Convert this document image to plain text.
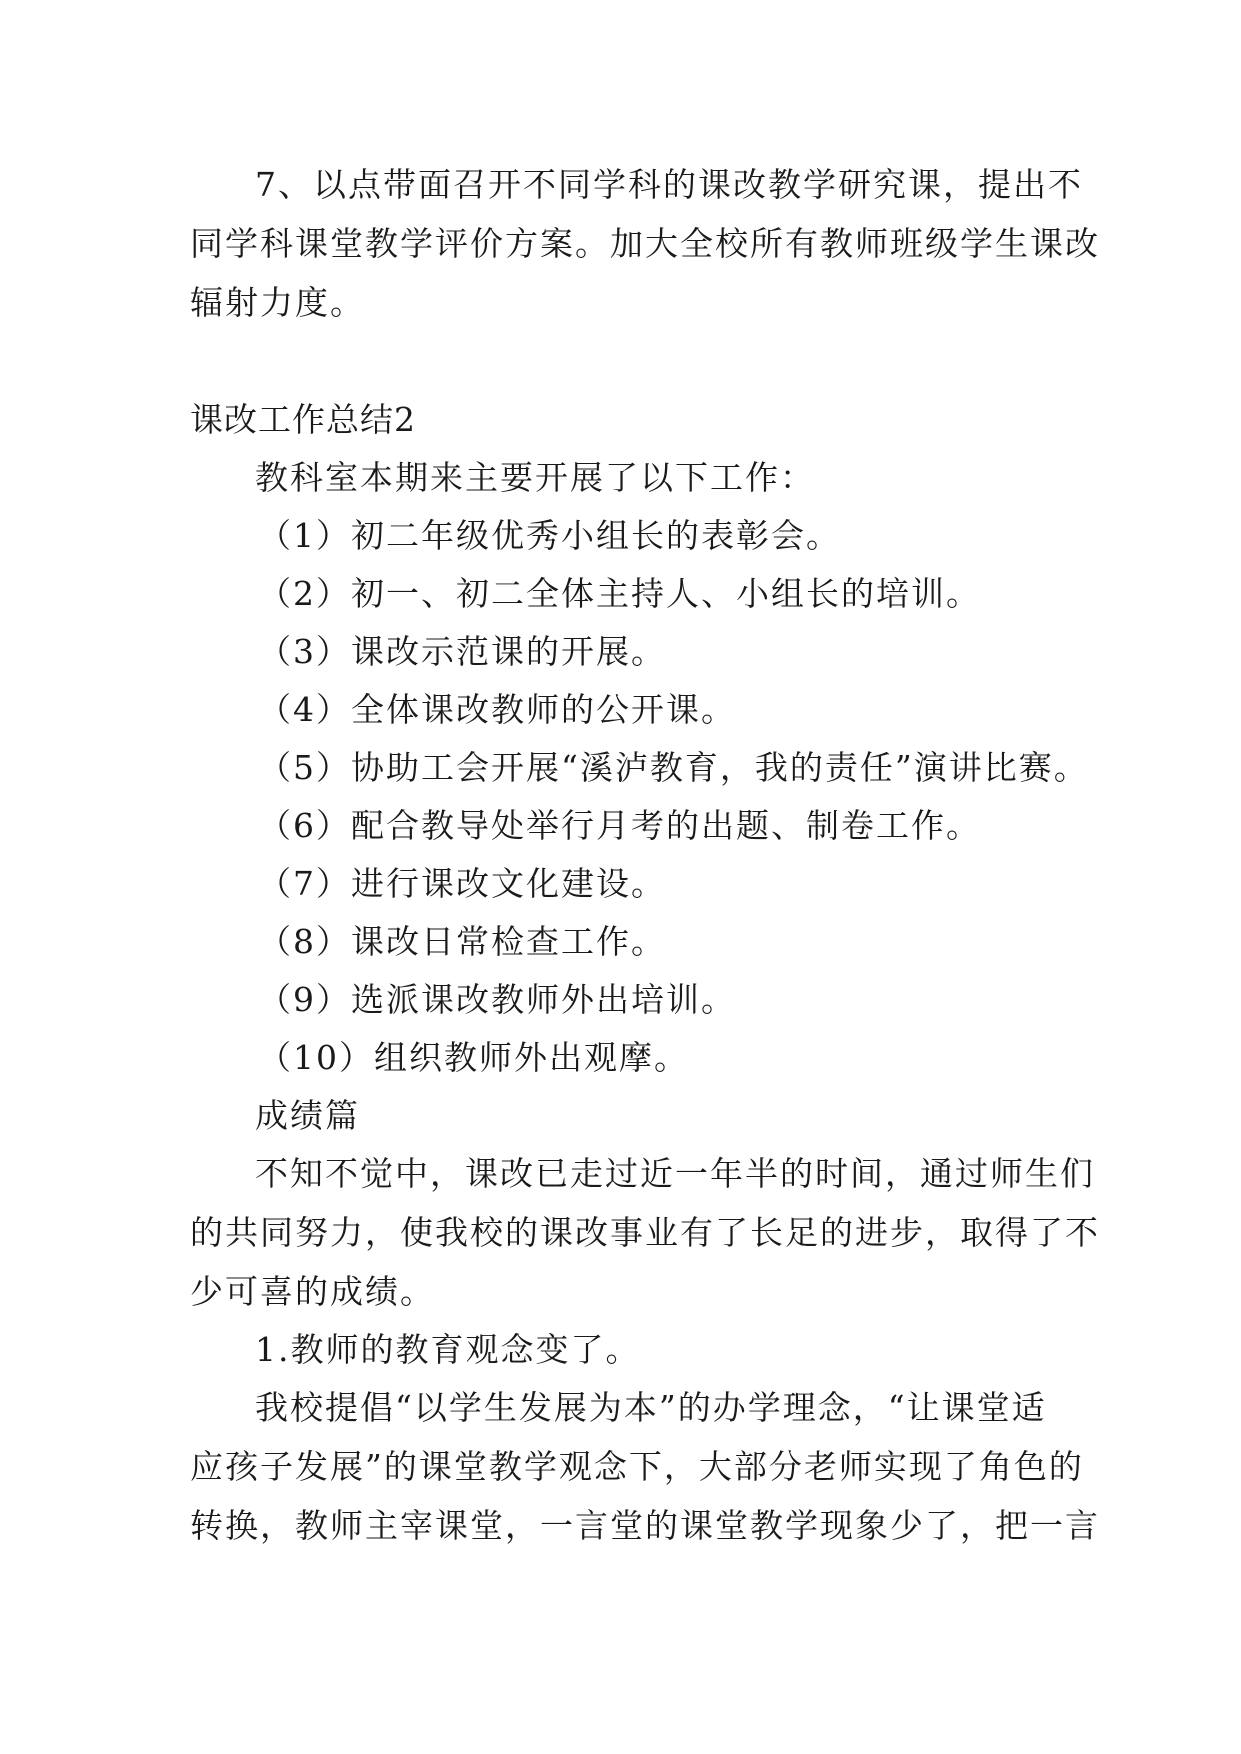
7、以点带面召开不同学科的课改教学研究课，提出不
同学科课堂教学评价方案。加大全校所有教师班级学生课改
辐射力度。
课改工作总结2
教科室本期来主要开展了以下工作：
（1）初二年级优秀小组长的表彰会。
（2）初一、初二全体主持人、小组长的培训。
（3）课改示范课的开展。
（4）全体课改教师的公开课。
（5）协助工会开展“溪泸教育，我的责任”演讲比赛。
（6）配合教导处举行月考的出题、制卷工作。
（7）进行课改文化建设。
（8）课改日常检查工作。
（9）选派课改教师外出培训。
（10）组织教师外出观摩。
成绩篇
不知不觉中，课改已走过近一年半的时间，通过师生们
的共同努力，使我校的课改事业有了长足的进步，取得了不
少可喜的成绩。
1.教师的教育观念变了。
我校提倡“以学生发展为本”的办学理念，“让课堂适
应孩子发展”的课堂教学观念下，大部分老师实现了角色的
转换，教师主宰课堂，一言堂的课堂教学现象少了，把一言
